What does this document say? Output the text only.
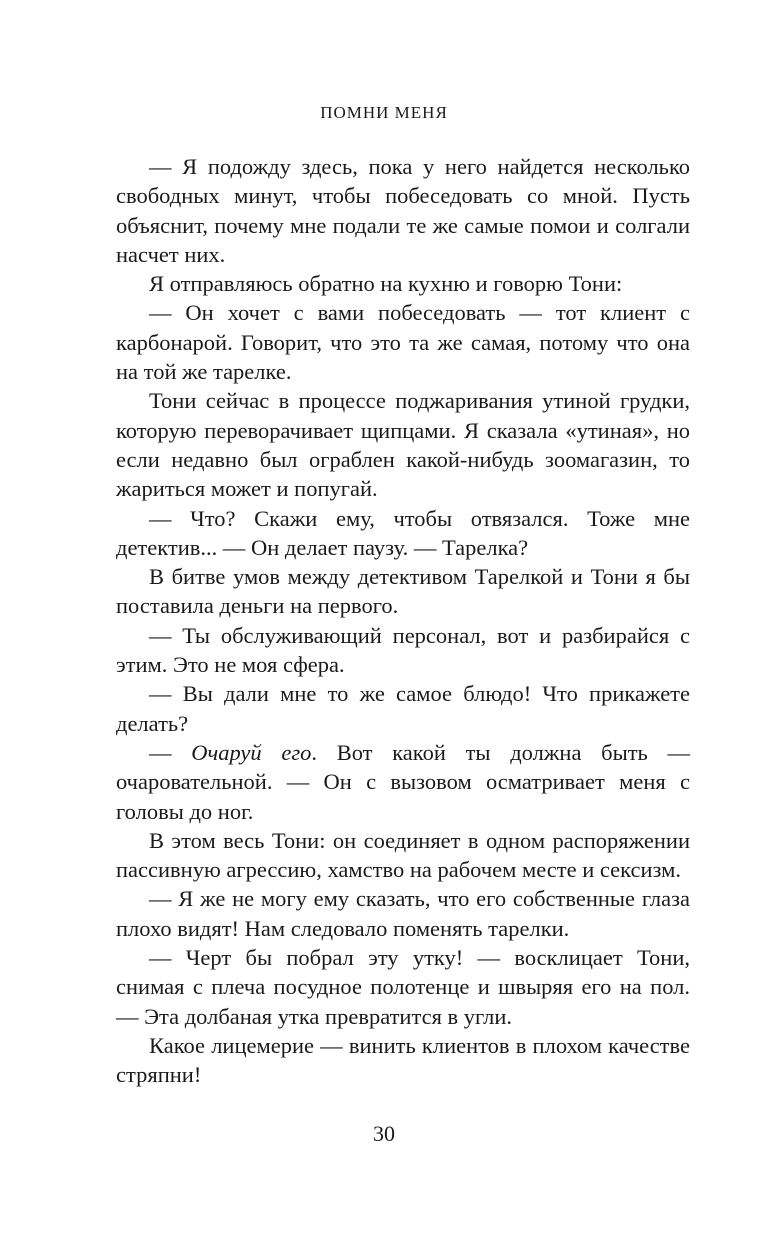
ПОМНИ МЕНЯ

— Я подожду здесь, пока у него найдется несколько свободных минут, чтобы побеседовать со мной. Пусть объяснит, почему мне подали те же самые помои и солгали насчет них.

Я отправляюсь обратно на кухню и говорю Тони:

— Он хочет с вами побеседовать — тот клиент с карбонарой. Говорит, что это та же самая, потому что она на той же тарелке.

Тони сейчас в процессе поджаривания утиной грудки, которую переворачивает щипцами. Я сказала «утиная», но если недавно был ограблен какой-нибудь зоомагазин, то жариться может и попугай.

— Что? Скажи ему, чтобы отвязался. Тоже мне детектив... — Он делает паузу. — Тарелка?

В битве умов между детективом Тарелкой и Тони я бы поставила деньги на первого.

— Ты обслуживающий персонал, вот и разбирайся с этим. Это не моя сфера.

— Вы дали мне то же самое блюдо! Что прикажете делать?

— Очаруй его. Вот какой ты должна быть — очаровательной. — Он с вызовом осматривает меня с головы до ног.

В этом весь Тони: он соединяет в одном распоряжении пассивную агрессию, хамство на рабочем месте и сексизм.

— Я же не могу ему сказать, что его собственные глаза плохо видят! Нам следовало поменять тарелки.

— Черт бы побрал эту утку! — восклицает Тони, снимая с плеча посудное полотенце и швыряя его на пол. — Эта долбаная утка превратится в угли.

Какое лицемерие — винить клиентов в плохом качестве стряпни!

30
